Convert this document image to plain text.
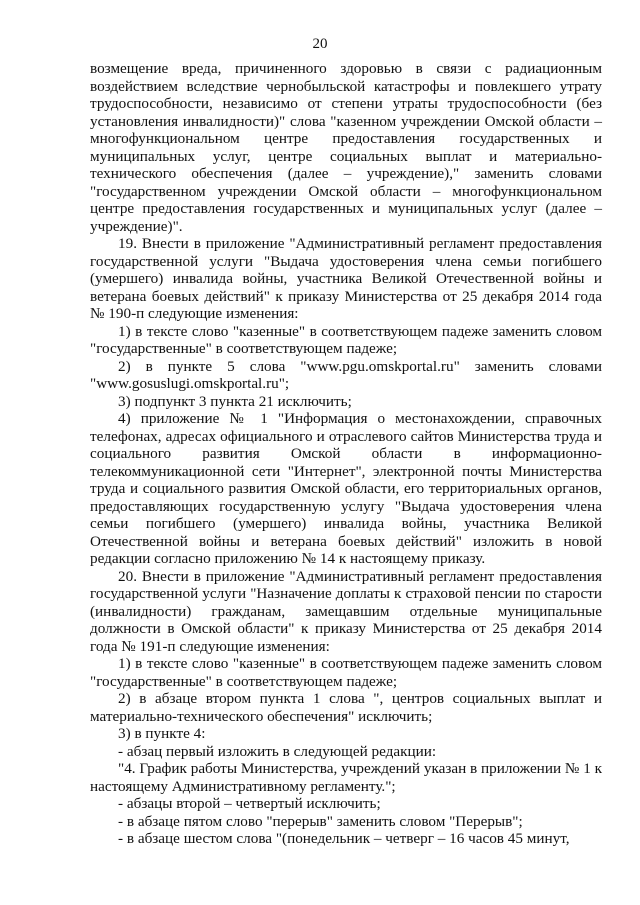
20

возмещение вреда, причиненного здоровью в связи с радиационным воздействием вследствие чернобыльской катастрофы и повлекшего утрату трудоспособности, независимо от степени утраты трудоспособности (без установления инвалидности)" слова "казенном учреждении Омской области – многофункциональном центре предоставления государственных и муниципальных услуг, центре социальных выплат и материально-технического обеспечения (далее – учреждение)," заменить словами "государственном учреждении Омской области – многофункциональном центре предоставления государственных и муниципальных услуг (далее – учреждение)".

19. Внести в приложение "Административный регламент предоставления государственной услуги "Выдача удостоверения члена семьи погибшего (умершего) инвалида войны, участника Великой Отечественной войны и ветерана боевых действий" к приказу Министерства от 25 декабря 2014 года № 190-п следующие изменения:

1) в тексте слово "казенные" в соответствующем падеже заменить словом "государственные" в соответствующем падеже;

2) в пункте 5 слова "www.pgu.omskportal.ru" заменить словами "www.gosuslugi.omskportal.ru";

3) подпункт 3 пункта 21 исключить;

4) приложение № 1 "Информация о местонахождении, справочных телефонах, адресах официального и отраслевого сайтов Министерства труда и социального развития Омской области в информационно-телекоммуникационной сети "Интернет", электронной почты Министерства труда и социального развития Омской области, его территориальных органов, предоставляющих государственную услугу "Выдача удостоверения члена семьи погибшего (умершего) инвалида войны, участника Великой Отечественной войны и ветерана боевых действий" изложить в новой редакции согласно приложению № 14 к настоящему приказу.

20. Внести в приложение "Административный регламент предоставления государственной услуги "Назначение доплаты к страховой пенсии по старости (инвалидности) гражданам, замещавшим отдельные муниципальные должности в Омской области" к приказу Министерства от 25 декабря 2014 года № 191-п следующие изменения:

1) в тексте слово "казенные" в соответствующем падеже заменить словом "государственные" в соответствующем падеже;

2) в абзаце втором пункта 1 слова ", центров социальных выплат и материально-технического обеспечения" исключить;

3) в пункте 4:

- абзац первый изложить в следующей редакции:

"4. График работы Министерства, учреждений указан в приложении № 1 к настоящему Административному регламенту.";

- абзацы второй – четвертый исключить;

- в абзаце пятом слово "перерыв" заменить словом "Перерыв";

- в абзаце шестом слова "(понедельник – четверг – 16 часов 45 минут,
